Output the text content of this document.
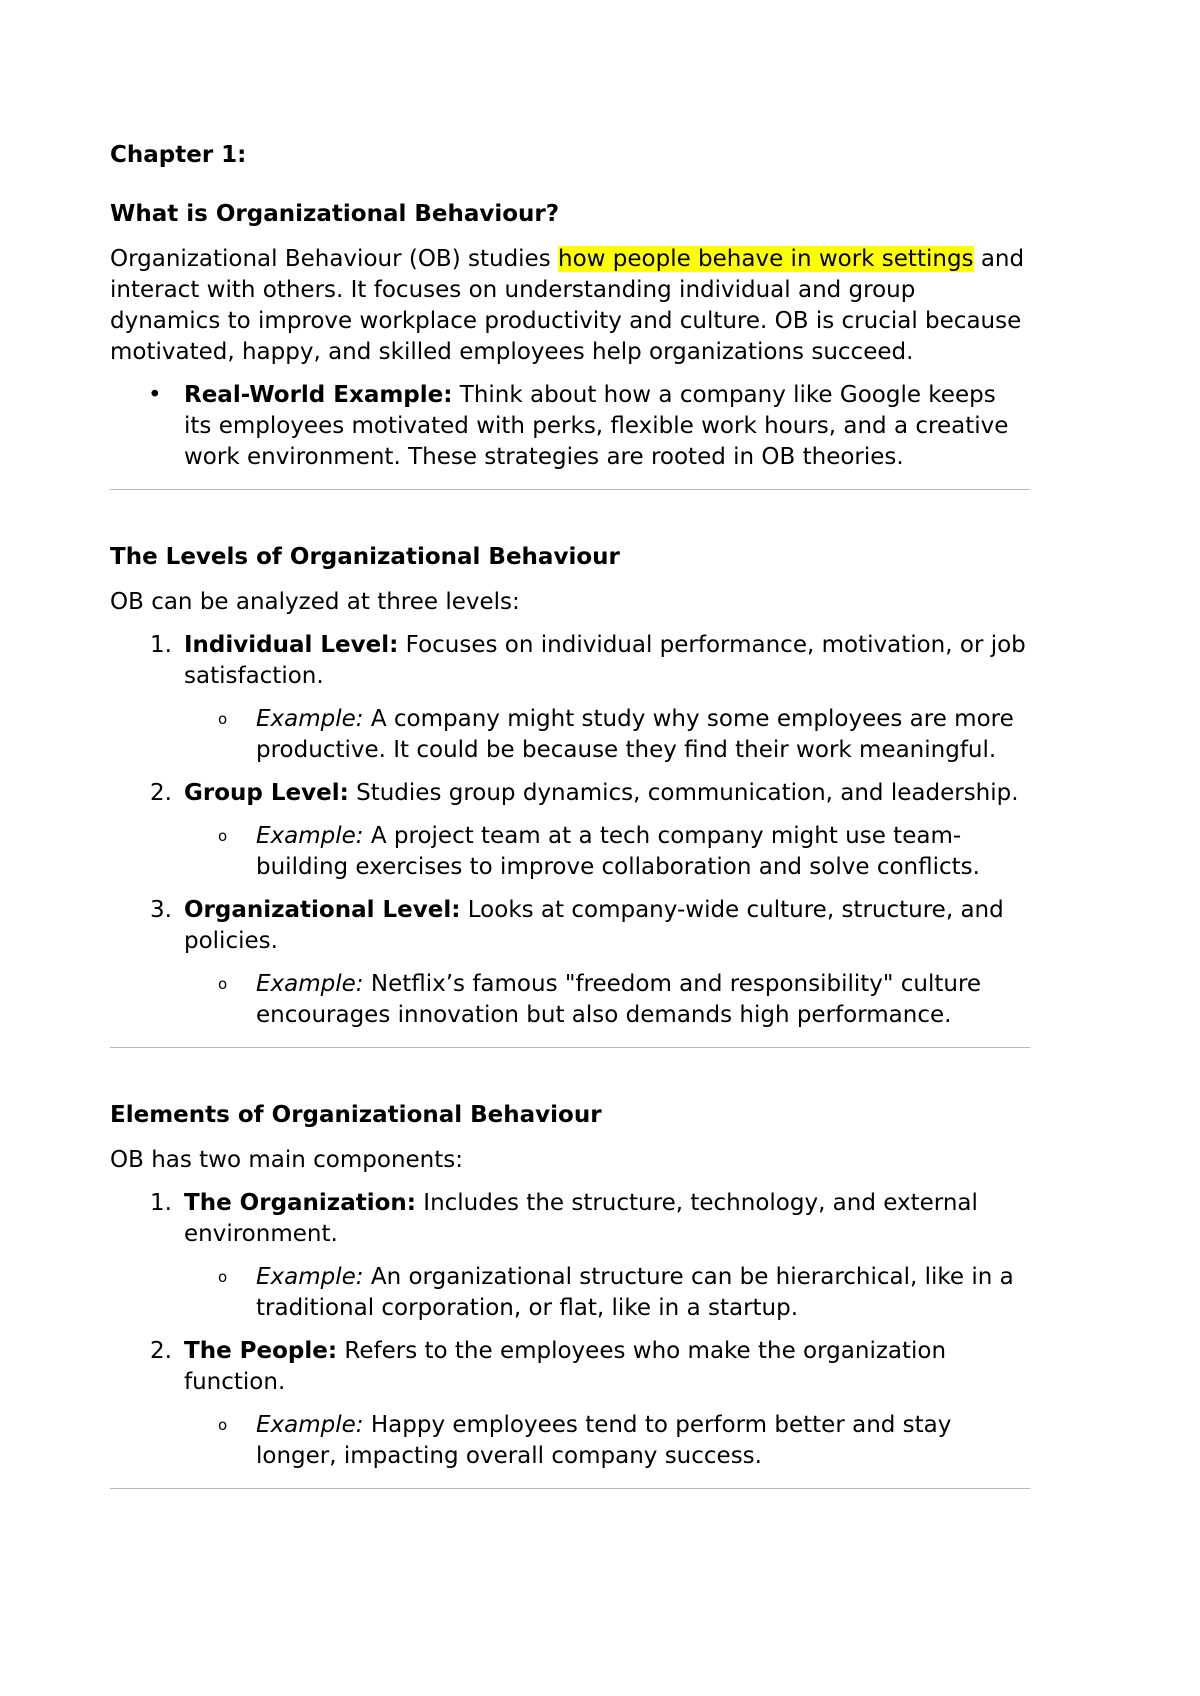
Chapter 1:
What is Organizational Behaviour?
Organizational Behaviour (OB) studies how people behave in work settings and interact with others. It focuses on understanding individual and group dynamics to improve workplace productivity and culture. OB is crucial because motivated, happy, and skilled employees help organizations succeed.
• Real-World Example: Think about how a company like Google keeps its employees motivated with perks, flexible work hours, and a creative work environment. These strategies are rooted in OB theories.
The Levels of Organizational Behaviour
OB can be analyzed at three levels:
1. Individual Level: Focuses on individual performance, motivation, or job satisfaction.
o	Example: A company might study why some employees are more productive. It could be because they find their work meaningful.
2. Group Level: Studies group dynamics, communication, and leadership.
o	Example: A project team at a tech company might use team-building exercises to improve collaboration and solve conflicts.
3. Organizational Level: Looks at company-wide culture, structure, and policies.
o	Example: Netflix’s famous "freedom and responsibility" culture encourages innovation but also demands high performance.
Elements of Organizational Behaviour
OB has two main components:
1. The Organization: Includes the structure, technology, and external environment.
o	Example: An organizational structure can be hierarchical, like in a traditional corporation, or flat, like in a startup.
2. The People: Refers to the employees who make the organization function.
o	Example: Happy employees tend to perform better and stay longer, impacting overall company success.
